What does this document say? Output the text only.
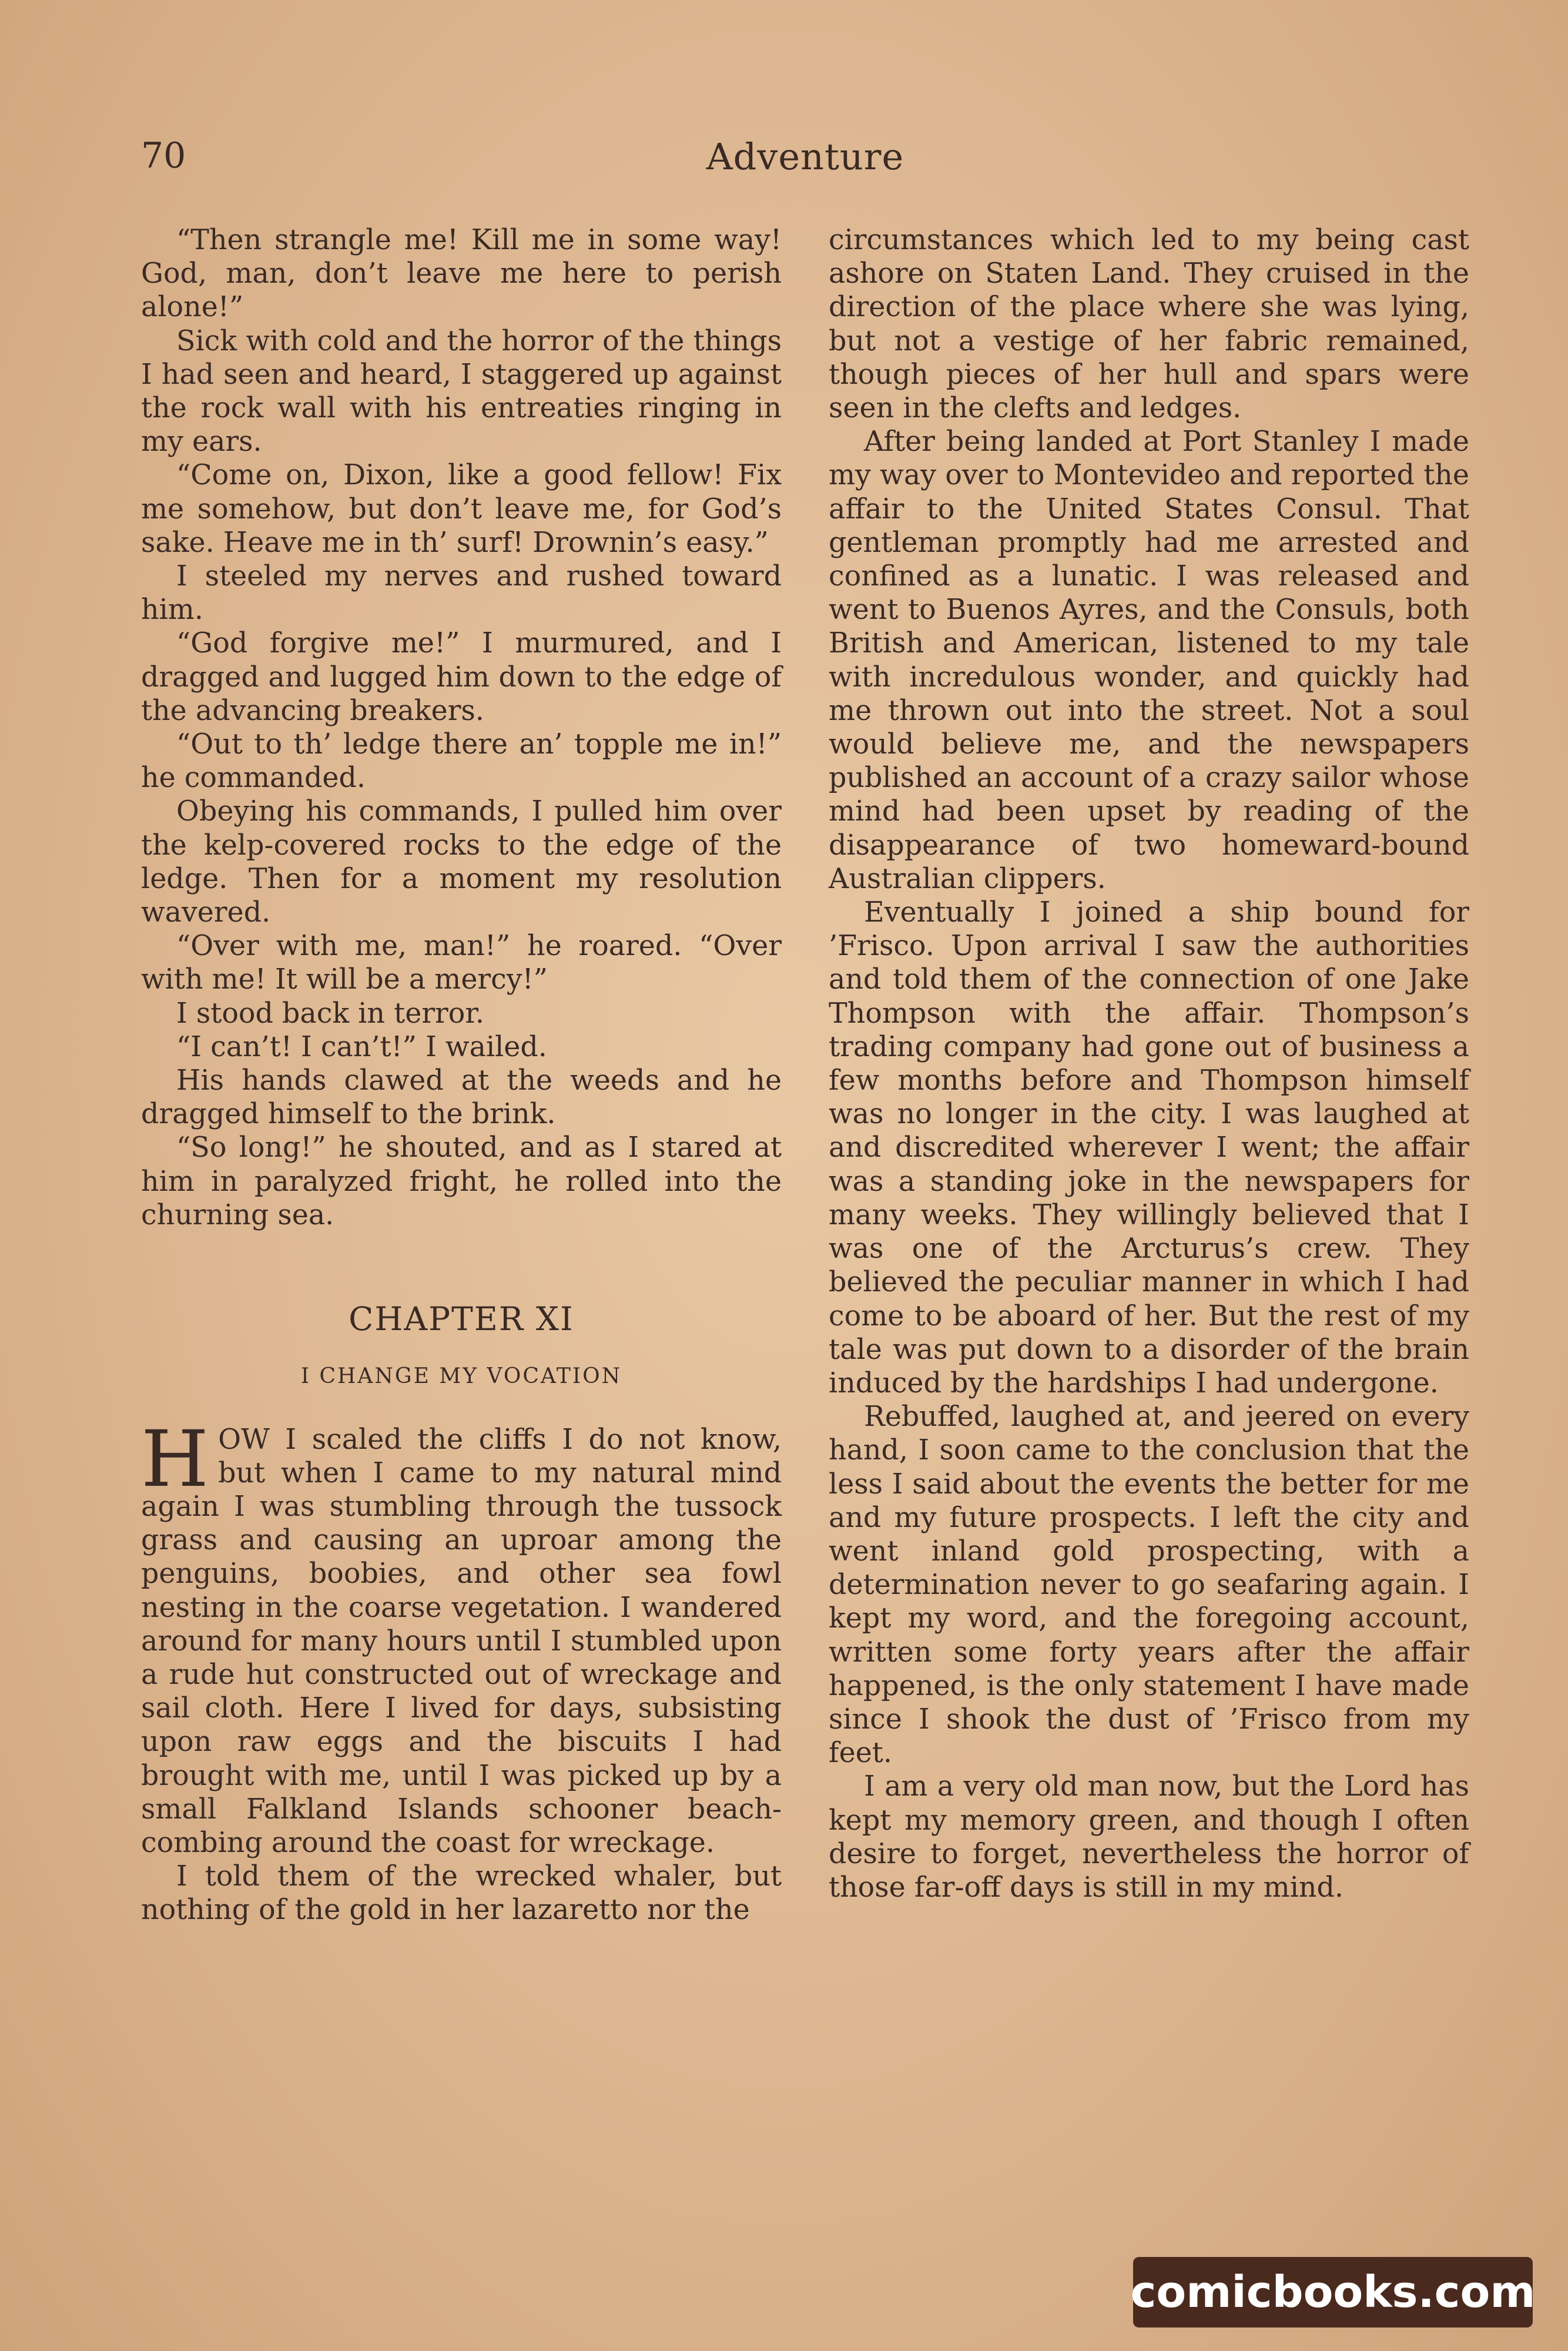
70	Adventure

“Then strangle me! Kill me in some way! God, man, don’t leave me here to perish alone!”

Sick with cold and the horror of the things I had seen and heard, I staggered up against the rock wall with his entreaties ringing in my ears.

“Come on, Dixon, like a good fellow! Fix me somehow, but don’t leave me, for God’s sake. Heave me in th’ surf! Drownin’s easy.”

I steeled my nerves and rushed toward him.

“God forgive me!” I murmured, and I dragged and lugged him down to the edge of the advancing breakers.

“Out to th’ ledge there an’ topple me in!” he commanded.

Obeying his commands, I pulled him over the kelp-covered rocks to the edge of the ledge. Then for a moment my resolution wavered.

“Over with me, man!” he roared. “Over with me! It will be a mercy!”

I stood back in terror.

“I can’t! I can’t!” I wailed.

His hands clawed at the weeds and he dragged himself to the brink.

“So long!” he shouted, and as I stared at him in paralyzed fright, he rolled into the churning sea.

CHAPTER XI
I CHANGE MY VOCATION

HOW I scaled the cliffs I do not know, but when I came to my natural mind again I was stumbling through the tussock grass and causing an uproar among the penguins, boobies, and other sea fowl nesting in the coarse vegetation. I wandered around for many hours until I stumbled upon a rude hut constructed out of wreckage and sail cloth. Here I lived for days, subsisting upon raw eggs and the biscuits I had brought with me, until I was picked up by a small Falkland Islands schooner beach-combing around the coast for wreckage.

I told them of the wrecked whaler, but nothing of the gold in her lazaretto nor the

circumstances which led to my being cast ashore on Staten Land. They cruised in the direction of the place where she was lying, but not a vestige of her fabric remained, though pieces of her hull and spars were seen in the clefts and ledges.

After being landed at Port Stanley I made my way over to Montevideo and reported the affair to the United States Consul. That gentleman promptly had me arrested and confined as a lunatic. I was released and went to Buenos Ayres, and the Consuls, both British and American, listened to my tale with incredulous wonder, and quickly had me thrown out into the street. Not a soul would believe me, and the newspapers published an account of a crazy sailor whose mind had been upset by reading of the disappearance of two homeward-bound Australian clippers.

Eventually I joined a ship bound for ’Frisco. Upon arrival I saw the authorities and told them of the connection of one Jake Thompson with the affair. Thompson’s trading company had gone out of business a few months before and Thompson himself was no longer in the city. I was laughed at and discredited wherever I went; the affair was a standing joke in the newspapers for many weeks. They willingly believed that I was one of the Arcturus’s crew. They believed the peculiar manner in which I had come to be aboard of her. But the rest of my tale was put down to a disorder of the brain induced by the hardships I had undergone.

Rebuffed, laughed at, and jeered on every hand, I soon came to the conclusion that the less I said about the events the better for me and my future prospects. I left the city and went inland gold prospecting, with a determination never to go seafaring again. I kept my word, and the foregoing account, written some forty years after the affair happened, is the only statement I have made since I shook the dust of ’Frisco from my feet.

I am a very old man now, but the Lord has kept my memory green, and though I often desire to forget, nevertheless the horror of those far-off days is still in my mind.

comicbooks.com
